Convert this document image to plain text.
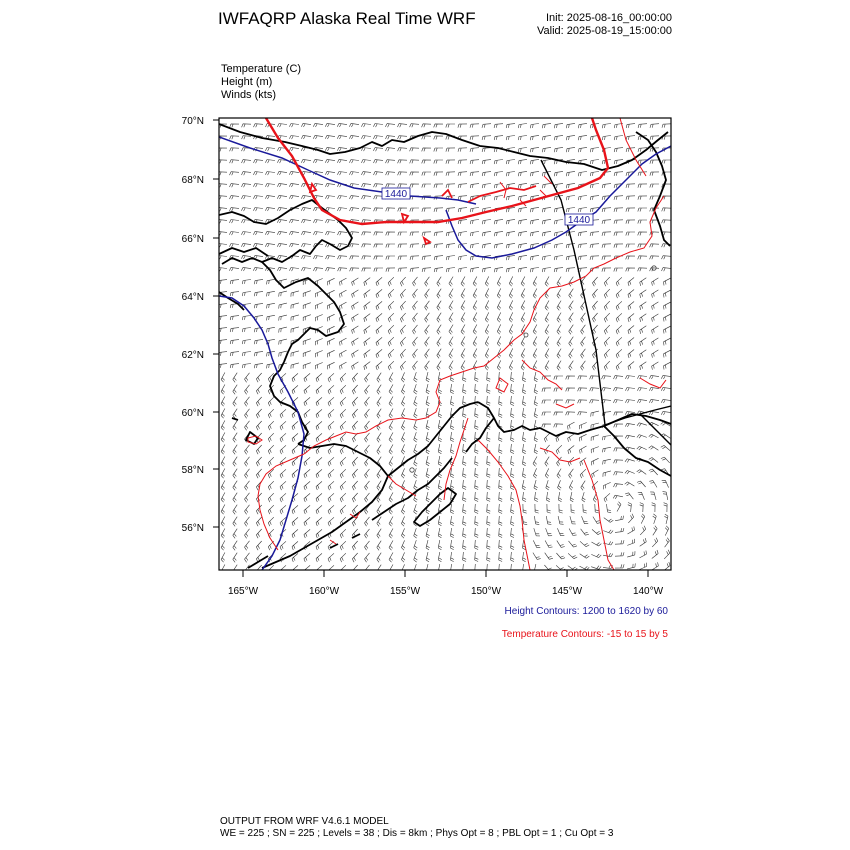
IWFAQRP Alaska Real Time WRF	Init: 2025-08-16_00:00:00
Valid: 2025-08-19_15:00:00
Temperature (C)
Height (m)
Winds (kts)
1440
1440
70°N
68°N
66°N
64°N
62°N
60°N
58°N
56°N
165°W	160°W	155°W	150°W	145°W	140°W
Height Contours: 1200 to 1620 by 60
Temperature Contours: -15 to 15 by 5
OUTPUT FROM WRF V4.6.1 MODEL
WE = 225 ; SN = 225 ; Levels = 38 ; Dis = 8km ; Phys Opt = 8 ; PBL Opt = 1 ; Cu Opt = 3
